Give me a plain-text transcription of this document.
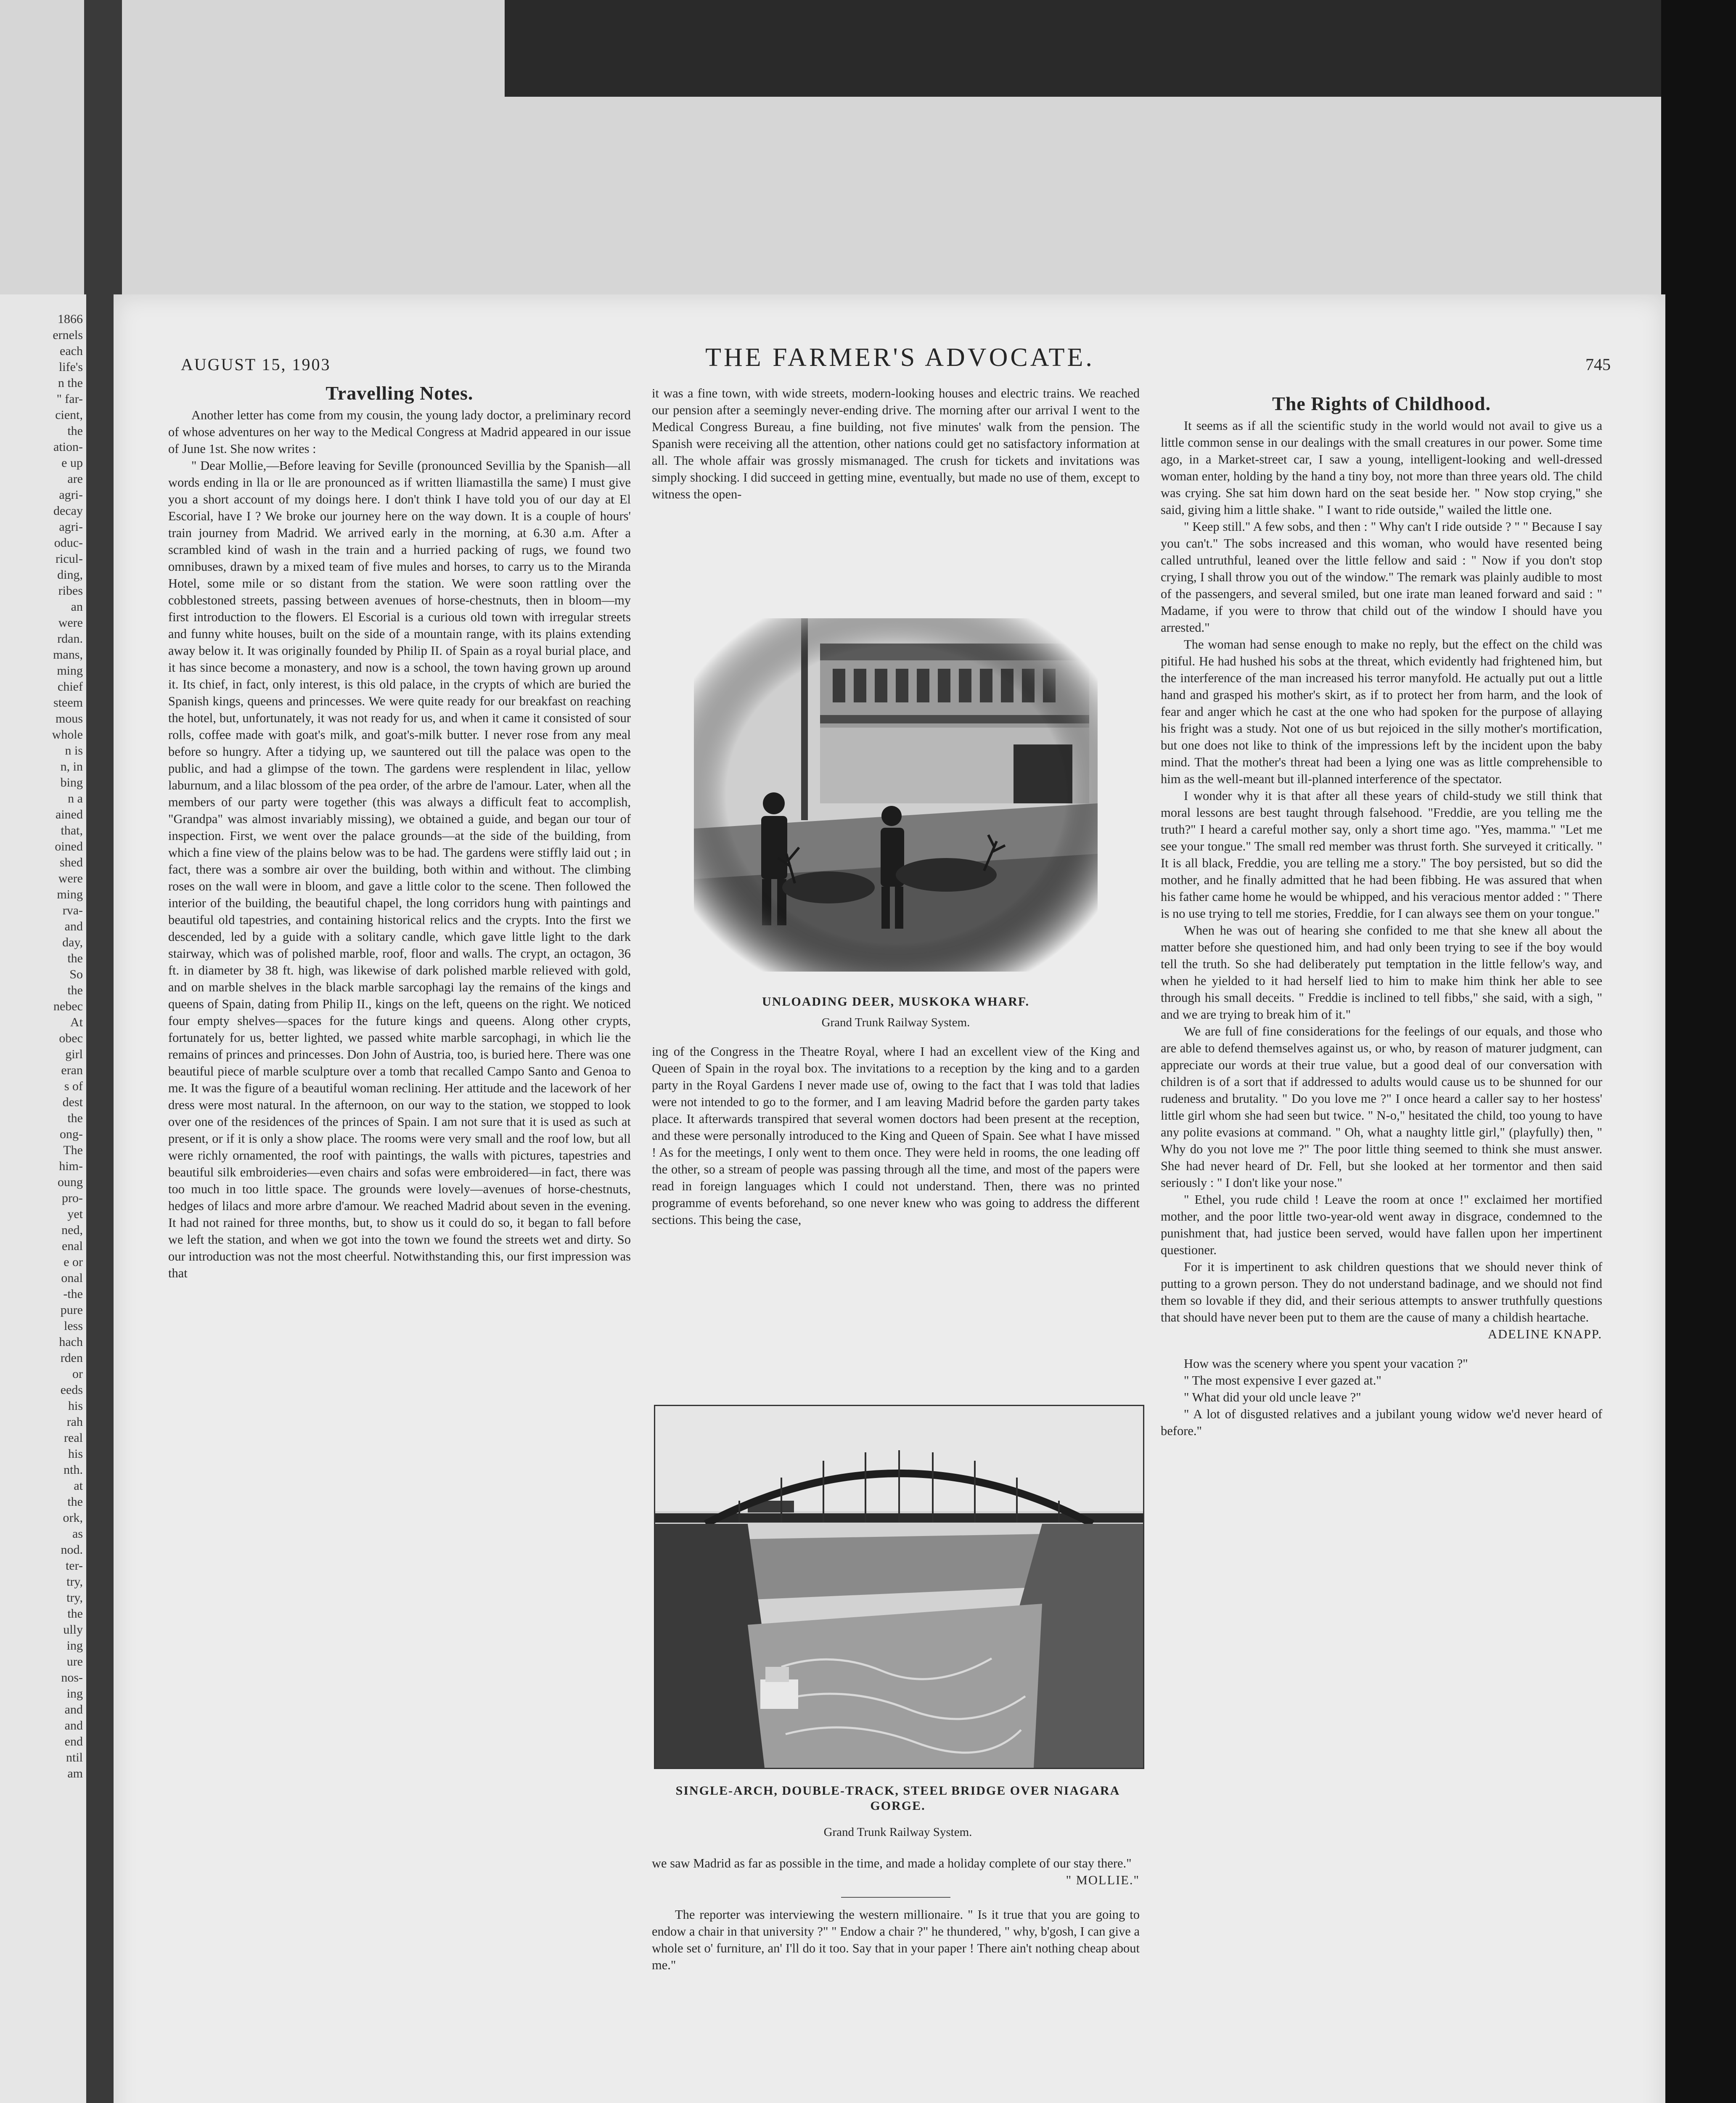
1866
ernels
each
life's
n the
" far-
cient,
the
ation-
e up
are
agri-
decay
agri-
oduc-
ricul-
ding,
ribes
an
were
rdan.
mans,
ming
chief
steem
mous
whole
n is
n, in
bing
n a
ained
that,
oined
shed
were
ming
rva-
and
day,
the
So
the
nebec
At
obec
girl
eran
s of
dest
the
ong-
The
him-
oung
pro-
yet
ned,
enal
e or
onal
-the
pure
less
hach
rden
or
eeds
his
rah
real
his
nth.
at
the
ork,
as
nod.
ter-
try,
try,
the
ully
ing
ure
nos-
ing
and
and
end
ntil
am
AUGUST 15, 1903	THE FARMER'S ADVOCATE.	745
Travelling Notes.

Another letter has come from my cousin, the young lady doctor, a preliminary record of whose adventures on her way to the Medical Congress at Madrid appeared in our issue of June 1st. She now writes :

" Dear Mollie,—Before leaving for Seville (pronounced Sevillia by the Spanish—all words ending in lla or lle are pronounced as if written lliamastilla the same) I must give you a short account of my doings here. I don't think I have told you of our day at El Escorial, have I ? We broke our journey here on the way down. It is a couple of hours' train journey from Madrid. We arrived early in the morning, at 6.30 a.m. After a scrambled kind of wash in the train and a hurried packing of rugs, we found two omnibuses, drawn by a mixed team of five mules and horses, to carry us to the Miranda Hotel, some mile or so distant from the station. We were soon rattling over the cobblestoned streets, passing between avenues of horse-chestnuts, then in bloom—my first introduction to the flowers. El Escorial is a curious old town with irregular streets and funny white houses, built on the side of a mountain range, with its plains extending away below it. It was originally founded by Philip II. of Spain as a royal burial place, and it has since become a monastery, and now is a school, the town having grown up around it. Its chief, in fact, only interest, is this old palace, in the crypts of which are buried the Spanish kings, queens and princesses. We were quite ready for our breakfast on reaching the hotel, but, unfortunately, it was not ready for us, and when it came it consisted of sour rolls, coffee made with goat's milk, and goat's-milk butter. I never rose from any meal before so hungry. After a tidying up, we sauntered out till the palace was open to the public, and had a glimpse of the town. The gardens were resplendent in lilac, yellow laburnum, and a lilac blossom of the pea order, of the arbre de l'amour. Later, when all the members of our party were together (this was always a difficult feat to accomplish, "Grandpa" was almost invariably missing), we obtained a guide, and began our tour of inspection. First, we went over the palace grounds—at the side of the building, from which a fine view of the plains below was to be had. The gardens were stiffly laid out ; in fact, there was a sombre air over the building, both within and without. The climbing roses on the wall were in bloom, and gave a little color to the scene. Then followed the interior of the building, the beautiful chapel, the long corridors hung with paintings and beautiful old tapestries, and containing historical relics and the crypts. Into the first we descended, led by a guide with a solitary candle, which gave little light to the dark stairway, which was of polished marble, roof, floor and walls. The crypt, an octagon, 36 ft. in diameter by 38 ft. high, was likewise of dark polished marble relieved with gold, and on marble shelves in the black marble sarcophagi lay the remains of the kings and queens of Spain, dating from Philip II., kings on the left, queens on the right. We noticed four empty shelves—spaces for the future kings and queens. Along other crypts, fortunately for us, better lighted, we passed white marble sarcophagi, in which lie the remains of princes and princesses. Don John of Austria, too, is buried here. There was one beautiful piece of marble sculpture over a tomb that recalled Campo Santo and Genoa to me. It was the figure of a beautiful woman reclining. Her attitude and the lacework of her dress were most natural. In the afternoon, on our way to the station, we stopped to look over one of the residences of the princes of Spain. I am not sure that it is used as such at present, or if it is only a show place. The rooms were very small and the roof low, but all were richly ornamented, the roof with paintings, the walls with pictures, tapestries and beautiful silk embroideries—even chairs and sofas were embroidered—in fact, there was too much in too little space. The grounds were lovely—avenues of horse-chestnuts, hedges of lilacs and more arbre d'amour. We reached Madrid about seven in the evening. It had not rained for three months, but, to show us it could do so, it began to fall before we left the station, and when we got into the town we found the streets wet and dirty. So our introduction was not the most cheerful. Notwithstanding this, our first impression was that

it was a fine town, with wide streets, modern-looking houses and electric trains. We reached our pension after a seemingly never-ending drive. The morning after our arrival I went to the Medical Congress Bureau, a fine building, not five minutes' walk from the pension. The Spanish were receiving all the attention, other nations could get no satisfactory information at all. The whole affair was grossly mismanaged. The crush for tickets and invitations was simply shocking. I did succeed in getting mine, eventually, but made no use of them, except to witness the open-

UNLOADING DEER, MUSKOKA WHARF.
Grand Trunk Railway System.

ing of the Congress in the Theatre Royal, where I had an excellent view of the King and Queen of Spain in the royal box. The invitations to a reception by the king and to a garden party in the Royal Gardens I never made use of, owing to the fact that I was told that ladies were not intended to go to the former, and I am leaving Madrid before the garden party takes place. It afterwards transpired that several women doctors had been present at the reception, and these were personally introduced to the King and Queen of Spain. See what I have missed ! As for the meetings, I only went to them once. They were held in rooms, the one leading off the other, so a stream of people was passing through all the time, and most of the papers were read in foreign languages which I could not understand. Then, there was no printed programme of events beforehand, so one never knew who was going to address the different sections. This being the case,

SINGLE-ARCH, DOUBLE-TRACK, STEEL BRIDGE OVER NIAGARA GORGE.
Grand Trunk Railway System.

we saw Madrid as far as possible in the time, and made a holiday complete of our stay there."

" MOLLIE."

The reporter was interviewing the western millionaire. " Is it true that you are going to endow a chair in that university ?" " Endow a chair ?" he thundered, " why, b'gosh, I can give a whole set o' furniture, an' I'll do it too. Say that in your paper ! There ain't nothing cheap about me."

The Rights of Childhood.

It seems as if all the scientific study in the world would not avail to give us a little common sense in our dealings with the small creatures in our power. Some time ago, in a Market-street car, I saw a young, intelligent-looking and well-dressed woman enter, holding by the hand a tiny boy, not more than three years old. The child was crying. She sat him down hard on the seat beside her. " Now stop crying," she said, giving him a little shake. " I want to ride outside," wailed the little one.

" Keep still." A few sobs, and then : " Why can't I ride outside ? " " Because I say you can't." The sobs increased and this woman, who would have resented being called untruthful, leaned over the little fellow and said : " Now if you don't stop crying, I shall throw you out of the window." The remark was plainly audible to most of the passengers, and several smiled, but one irate man leaned forward and said : " Madame, if you were to throw that child out of the window I should have you arrested."

The woman had sense enough to make no reply, but the effect on the child was pitiful. He had hushed his sobs at the threat, which evidently had frightened him, but the interference of the man increased his terror manyfold. He actually put out a little hand and grasped his mother's skirt, as if to protect her from harm, and the look of fear and anger which he cast at the one who had spoken for the purpose of allaying his fright was a study. Not one of us but rejoiced in the silly mother's mortification, but one does not like to think of the impressions left by the incident upon the baby mind. That the mother's threat had been a lying one was as little comprehensible to him as the well-meant but ill-planned interference of the spectator.

I wonder why it is that after all these years of child-study we still think that moral lessons are best taught through falsehood. "Freddie, are you telling me the truth?" I heard a careful mother say, only a short time ago. "Yes, mamma." "Let me see your tongue." The small red member was thrust forth. She surveyed it critically. " It is all black, Freddie, you are telling me a story." The boy persisted, but so did the mother, and he finally admitted that he had been fibbing. He was assured that when his father came home he would be whipped, and his veracious mentor added : " There is no use trying to tell me stories, Freddie, for I can always see them on your tongue."

When he was out of hearing she confided to me that she knew all about the matter before she questioned him, and had only been trying to see if the boy would tell the truth. So she had deliberately put temptation in the little fellow's way, and when he yielded to it had herself lied to him to make him think her able to see through his small deceits. " Freddie is inclined to tell fibbs," she said, with a sigh, " and we are trying to break him of it."

We are full of fine considerations for the feelings of our equals, and those who are able to defend themselves against us, or who, by reason of maturer judgment, can appreciate our words at their true value, but a good deal of our conversation with children is of a sort that if addressed to adults would cause us to be shunned for our rudeness and brutality. " Do you love me ?" I once heard a caller say to her hostess' little girl whom she had seen but twice. " N-o," hesitated the child, too young to have any polite evasions at command. " Oh, what a naughty little girl," (playfully) then, " Why do you not love me ?" The poor little thing seemed to think she must answer. She had never heard of Dr. Fell, but she looked at her tormentor and then said seriously : " I don't like your nose."

" Ethel, you rude child ! Leave the room at once !" exclaimed her mortified mother, and the poor little two-year-old went away in disgrace, condemned to the punishment that, had justice been served, would have fallen upon her impertinent questioner.

For it is impertinent to ask children questions that we should never think of putting to a grown person. They do not understand badinage, and we should not find them so lovable if they did, and their serious attempts to answer truthfully questions that should have never been put to them are the cause of many a childish heartache.

ADELINE KNAPP.

How was the scenery where you spent your vacation ?"

" The most expensive I ever gazed at."

" What did your old uncle leave ?"

" A lot of disgusted relatives and a jubilant young widow we'd never heard of before."
